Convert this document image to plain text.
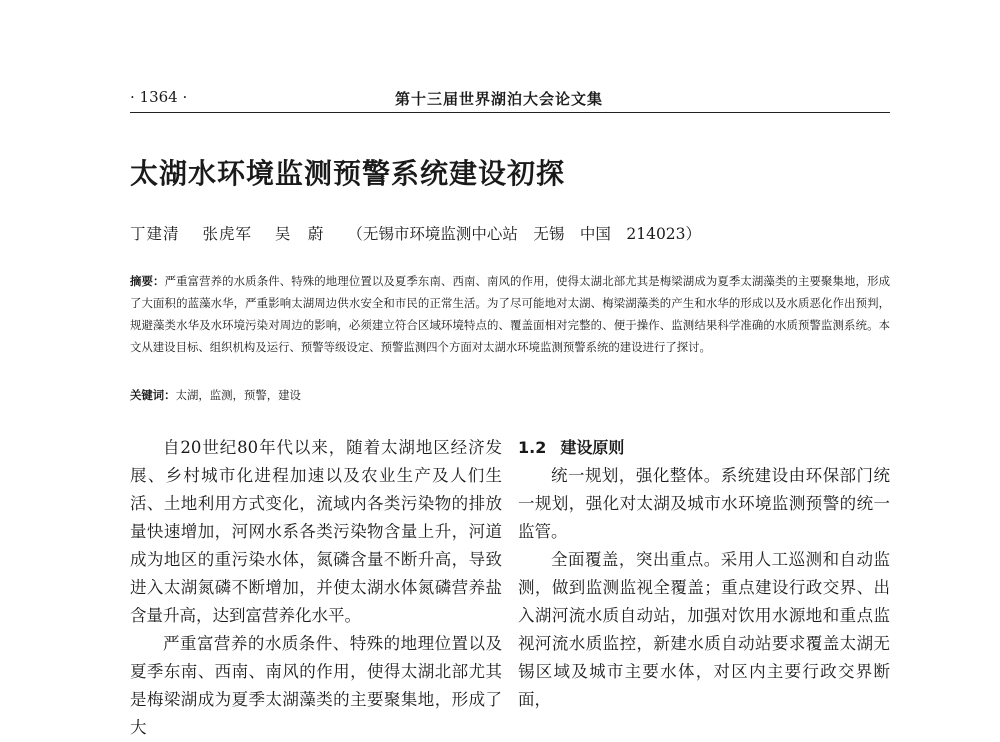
· 1364 ·	第十三届世界湖泊大会论文集
太湖水环境监测预警系统建设初探
丁建清 张虎军 吴　蔚 （无锡市环境监测中心站　无锡　中国　214023）

摘要：严重富营养的水质条件、特殊的地理位置以及夏季东南、西南、南风的作用，使得太湖北部尤其是梅梁湖成为夏季太湖藻类的主要聚集地，形成了大面积的蓝藻水华，严重影响太湖周边供水安全和市民的正常生活。为了尽可能地对太湖、梅梁湖藻类的产生和水华的形成以及水质恶化作出预判，规避藻类水华及水环境污染对周边的影响，必须建立符合区域环境特点的、覆盖面相对完整的、便于操作、监测结果科学准确的水质预警监测系统。本文从建设目标、组织机构及运行、预警等级设定、预警监测四个方面对太湖水环境监测预警系统的建设进行了探讨。

关键词：太湖，监测，预警，建设

自20世纪80年代以来，随着太湖地区经济发展、乡村城市化进程加速以及农业生产及人们生活、土地利用方式变化，流域内各类污染物的排放量快速增加，河网水系各类污染物含量上升，河道成为地区的重污染水体，氮磷含量不断升高，导致进入太湖氮磷不断增加，并使太湖水体氮磷营养盐含量升高，达到富营养化水平。

严重富营养的水质条件、特殊的地理位置以及夏季东南、西南、南风的作用，使得太湖北部尤其是梅梁湖成为夏季太湖藻类的主要聚集地，形成了大

1.2 建设原则

统一规划，强化整体。系统建设由环保部门统一规划，强化对太湖及城市水环境监测预警的统一监管。

全面覆盖，突出重点。采用人工巡测和自动监测，做到监测监视全覆盖；重点建设行政交界、出入湖河流水质自动站，加强对饮用水源地和重点监视河流水质监控，新建水质自动站要求覆盖太湖无锡区域及城市主要水体，对区内主要行政交界断面，
